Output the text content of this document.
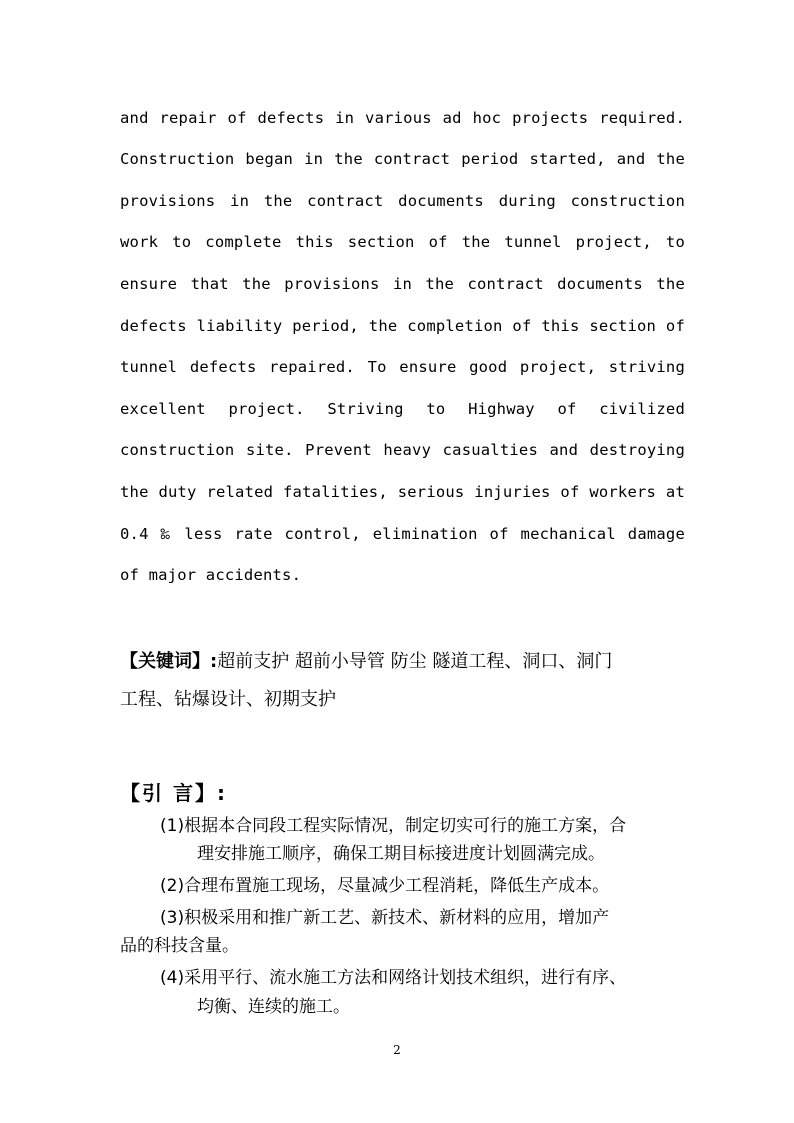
and repair of defects in various ad hoc projects required.
Construction began in the contract period started, and the
provisions in the contract documents during construction
work to complete this section of the tunnel project, to
ensure that the provisions in the contract documents the
defects liability period, the completion of this section of
tunnel defects repaired. To ensure good project, striving
excellent project. Striving to Highway of civilized
construction site. Prevent heavy casualties and destroying
the duty related fatalities, serious injuries of workers at
0.4 ‰ less rate control, elimination of mechanical damage
of major accidents.
【关键词】:超前支护 超前小导管 防尘 隧道工程、洞口、洞门
工程、钻爆设计、初期支护
【引 言】:
(1)根据本合同段工程实际情况，制定切实可行的施工方案，合
理安排施工顺序，确保工期目标接进度计划圆满完成。
(2)合理布置施工现场，尽量减少工程消耗，降低生产成本。
(3)积极采用和推广新工艺、新技术、新材料的应用，增加产
品的科技含量。
(4)采用平行、流水施工方法和网络计划技术组织，进行有序、
均衡、连续的施工。
2
